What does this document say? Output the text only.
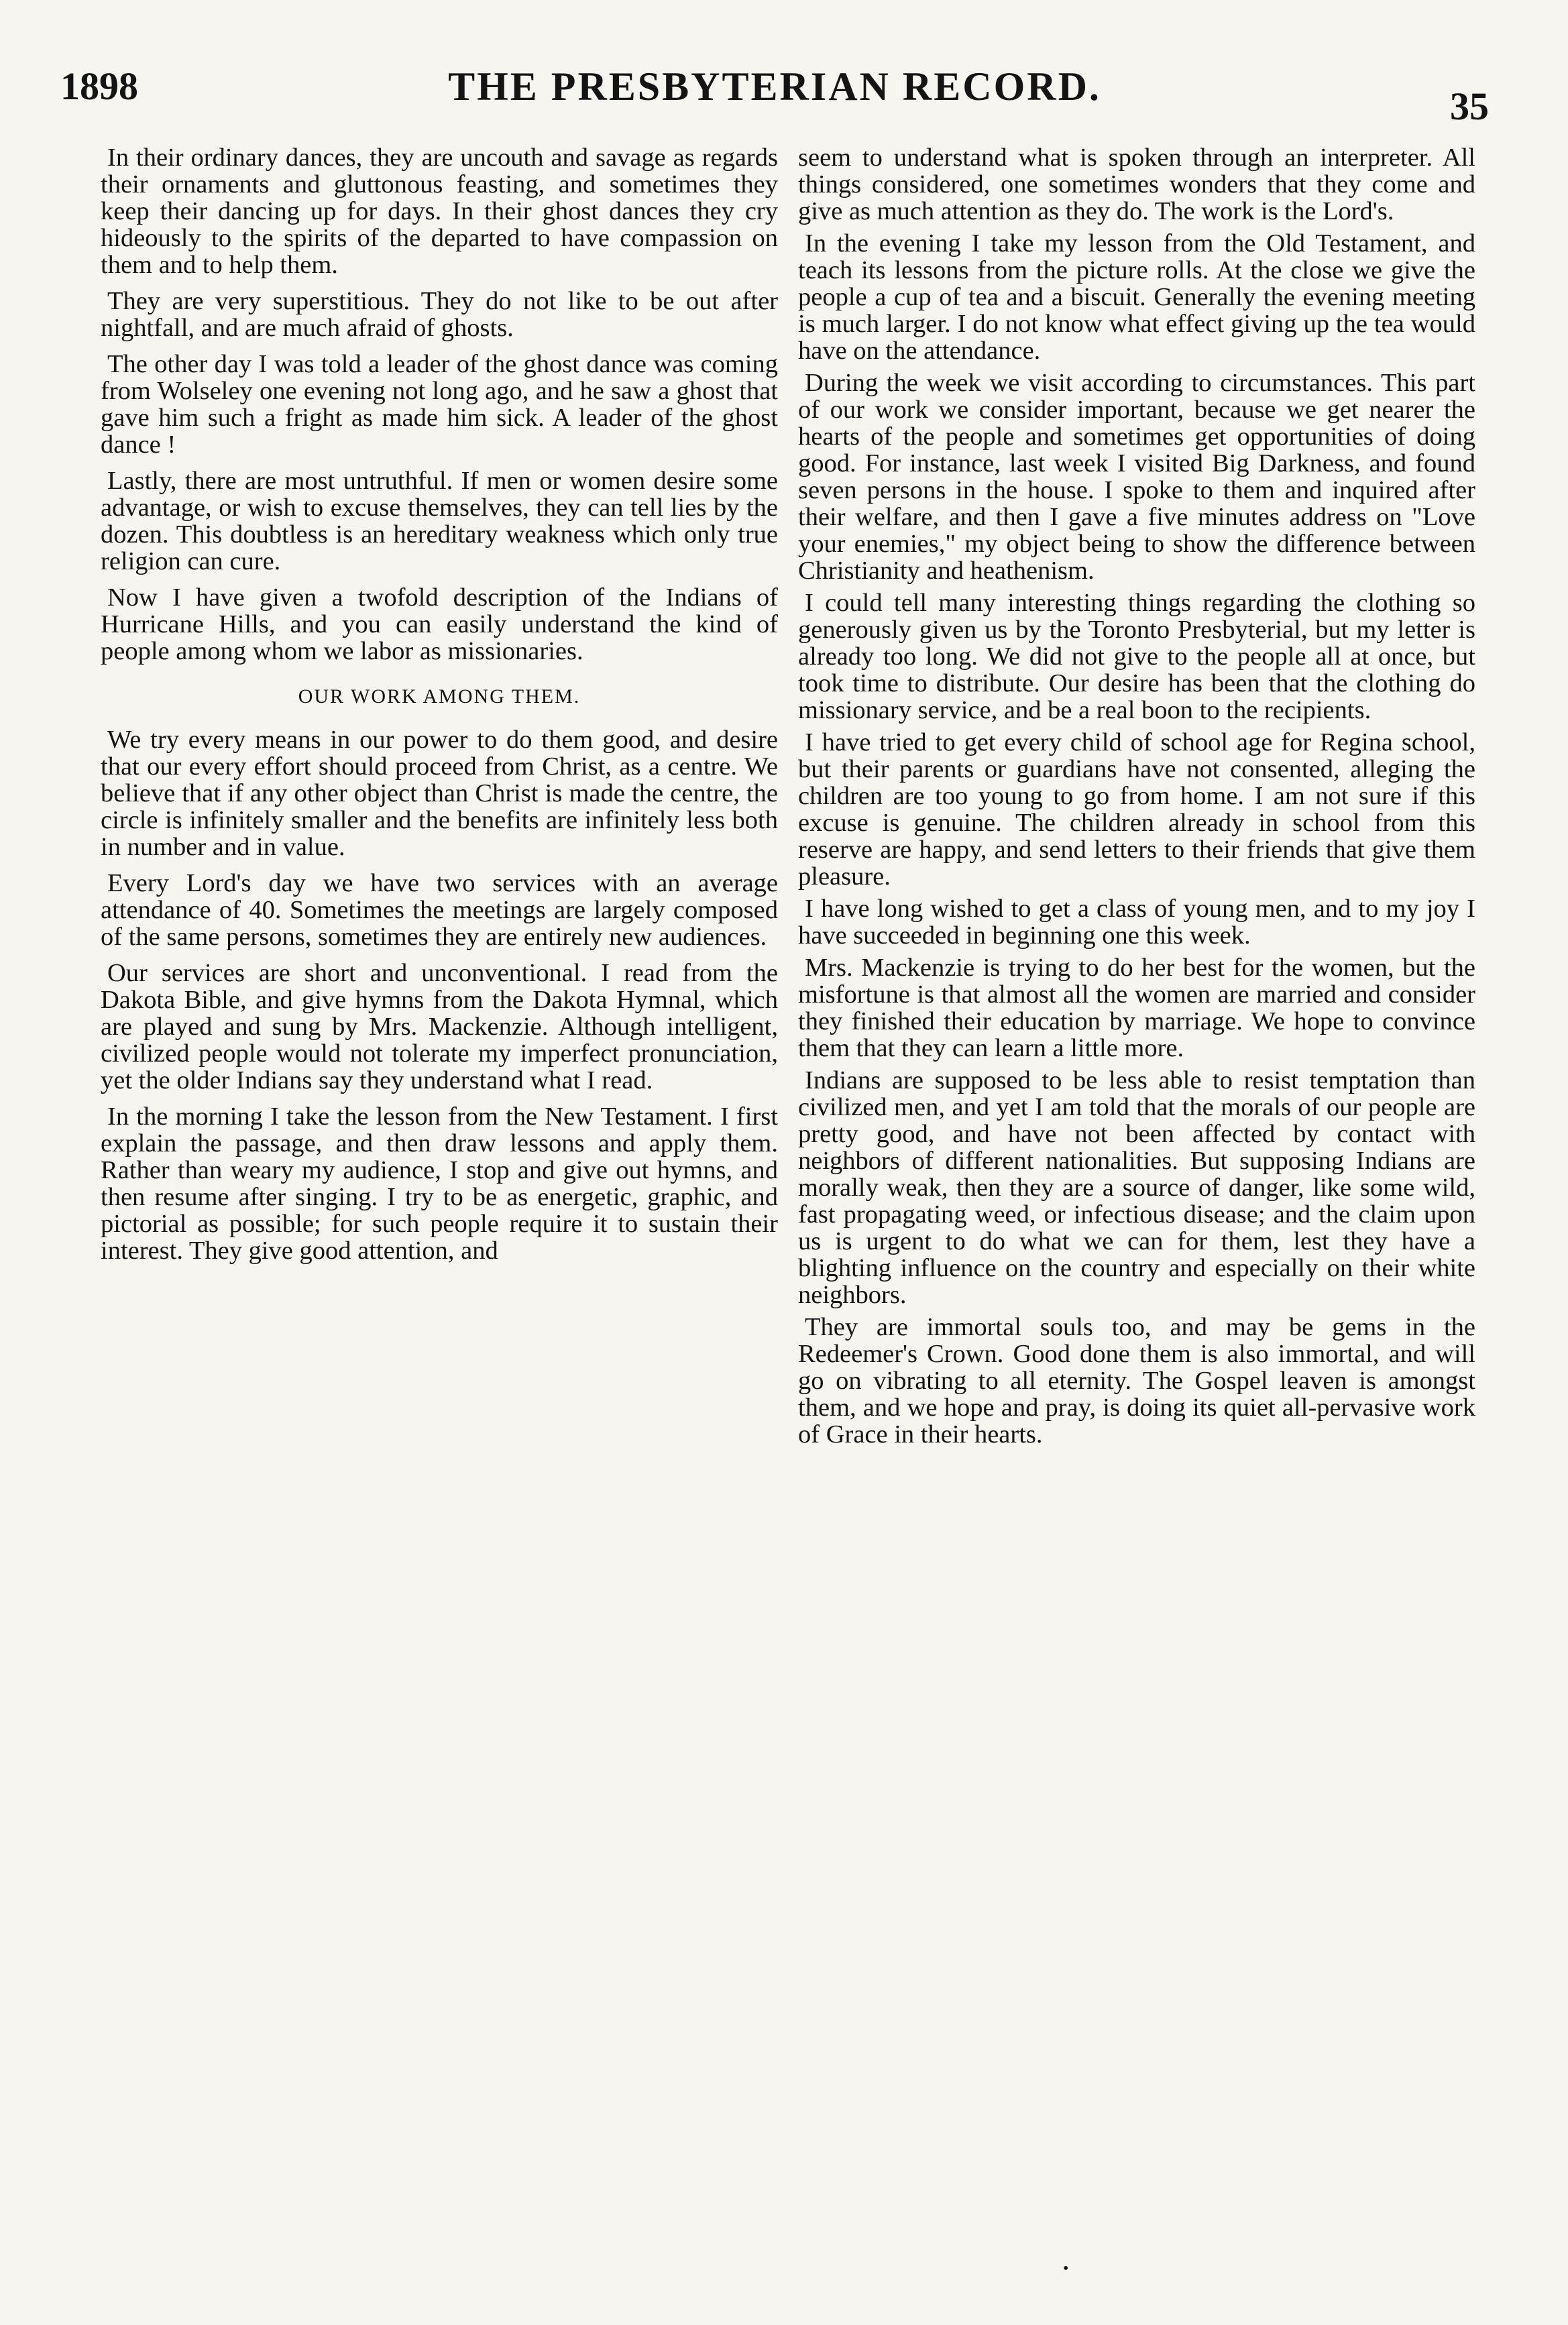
1898	THE PRESBYTERIAN RECORD.	35

In their ordinary dances, they are uncouth and savage as regards their ornaments and gluttonous feasting, and sometimes they keep their dancing up for days. In their ghost dances they cry hideously to the spirits of the departed to have compassion on them and to help them.

They are very superstitious. They do not like to be out after nightfall, and are much afraid of ghosts.

The other day I was told a leader of the ghost dance was coming from Wolseley one evening not long ago, and he saw a ghost that gave him such a fright as made him sick. A leader of the ghost dance !

Lastly, there are most untruthful. If men or women desire some advantage, or wish to excuse themselves, they can tell lies by the dozen. This doubtless is an hereditary weakness which only true religion can cure.

Now I have given a twofold description of the Indians of Hurricane Hills, and you can easily understand the kind of people among whom we labor as missionaries.

OUR WORK AMONG THEM.

We try every means in our power to do them good, and desire that our every effort should proceed from Christ, as a centre. We believe that if any other object than Christ is made the centre, the circle is infinitely smaller and the benefits are infinitely less both in number and in value.

Every Lord's day we have two services with an average attendance of 40. Sometimes the meetings are largely composed of the same persons, sometimes they are entirely new audiences.

Our services are short and unconventional. I read from the Dakota Bible, and give hymns from the Dakota Hymnal, which are played and sung by Mrs. Mackenzie. Although intelligent, civilized people would not tolerate my imperfect pronunciation, yet the older Indians say they understand what I read.

In the morning I take the lesson from the New Testament. I first explain the passage, and then draw lessons and apply them. Rather than weary my audience, I stop and give out hymns, and then resume after singing. I try to be as energetic, graphic, and pictorial as possible; for such people require it to sustain their interest. They give good attention, and

seem to understand what is spoken through an interpreter. All things considered, one sometimes wonders that they come and give as much attention as they do. The work is the Lord's.

In the evening I take my lesson from the Old Testament, and teach its lessons from the picture rolls. At the close we give the people a cup of tea and a biscuit. Generally the evening meeting is much larger. I do not know what effect giving up the tea would have on the attendance.

During the week we visit according to circumstances. This part of our work we consider important, because we get nearer the hearts of the people and sometimes get opportunities of doing good. For instance, last week I visited Big Darkness, and found seven persons in the house. I spoke to them and inquired after their welfare, and then I gave a five minutes address on "Love your enemies," my object being to show the difference between Christianity and heathenism.

I could tell many interesting things regarding the clothing so generously given us by the Toronto Presbyterial, but my letter is already too long. We did not give to the people all at once, but took time to distribute. Our desire has been that the clothing do missionary service, and be a real boon to the recipients.

I have tried to get every child of school age for Regina school, but their parents or guardians have not consented, alleging the children are too young to go from home. I am not sure if this excuse is genuine. The children already in school from this reserve are happy, and send letters to their friends that give them pleasure.

I have long wished to get a class of young men, and to my joy I have succeeded in beginning one this week.

Mrs. Mackenzie is trying to do her best for the women, but the misfortune is that almost all the women are married and consider they finished their education by marriage. We hope to convince them that they can learn a little more.

Indians are supposed to be less able to resist temptation than civilized men, and yet I am told that the morals of our people are pretty good, and have not been affected by contact with neighbors of different nationalities. But supposing Indians are morally weak, then they are a source of danger, like some wild, fast propagating weed, or infectious disease; and the claim upon us is urgent to do what we can for them, lest they have a blighting influence on the country and especially on their white neighbors.

They are immortal souls too, and may be gems in the Redeemer's Crown. Good done them is also immortal, and will go on vibrating to all eternity. The Gospel leaven is amongst them, and we hope and pray, is doing its quiet all-pervasive work of Grace in their hearts.

•
